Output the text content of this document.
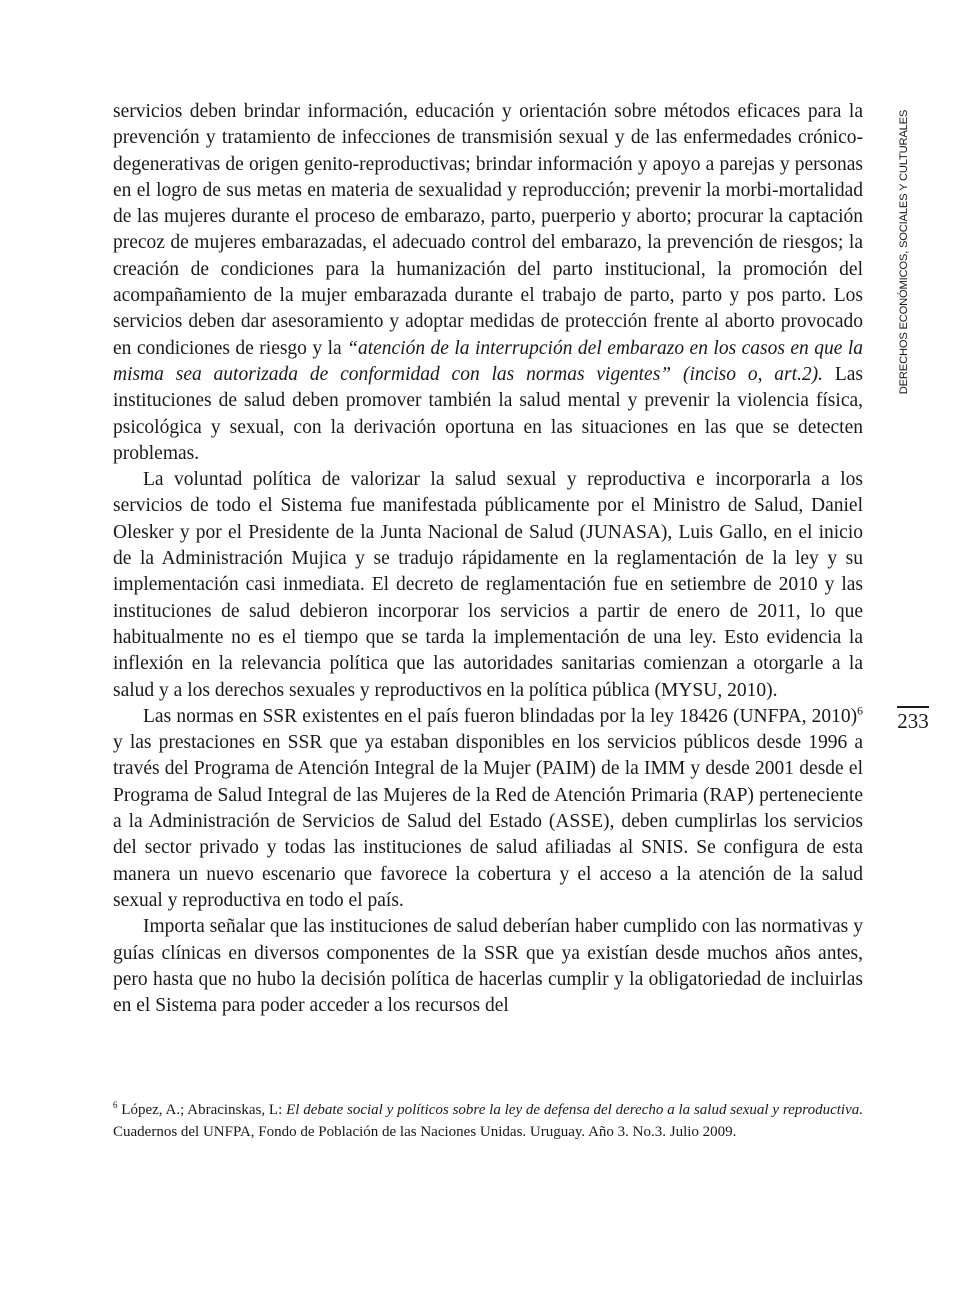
servicios deben brindar información, educación y orientación sobre métodos eficaces para la prevención y tratamiento de infecciones de transmisión sexual y de las enfermedades crónico-degenerativas de origen genito-reproductivas; brindar información y apoyo a parejas y personas en el logro de sus metas en materia de sexualidad y reproducción; prevenir la morbi-mortalidad de las mujeres durante el proceso de embarazo, parto, puerperio y aborto; procurar la captación precoz de mujeres embarazadas, el adecuado control del embarazo, la prevención de riesgos; la creación de condiciones para la humanización del parto institucional, la promoción del acompañamiento de la mujer embarazada durante el trabajo de parto, parto y pos parto. Los servicios deben dar asesoramiento y adoptar medidas de protección frente al aborto provocado en condiciones de riesgo y la “atención de la interrupción del embarazo en los casos en que la misma sea autorizada de conformidad con las normas vigentes” (inciso o, art.2). Las instituciones de salud deben promover también la salud mental y prevenir la violencia física, psicológica y sexual, con la derivación oportuna en las situaciones en las que se detecten problemas.

La voluntad política de valorizar la salud sexual y reproductiva e incorporarla a los servicios de todo el Sistema fue manifestada públicamente por el Ministro de Salud, Daniel Olesker y por el Presidente de la Junta Nacional de Salud (JUNASA), Luis Gallo, en el inicio de la Administración Mujica y se tradujo rápidamente en la reglamentación de la ley y su implementación casi inmediata. El decreto de reglamentación fue en setiembre de 2010 y las instituciones de salud debieron incorporar los servicios a partir de enero de 2011, lo que habitualmente no es el tiempo que se tarda la implementación de una ley. Esto evidencia la inflexión en la relevancia política que las autoridades sanitarias comienzan a otorgarle a la salud y a los derechos sexuales y reproductivos en la política pública (MYSU, 2010).

Las normas en SSR existentes en el país fueron blindadas por la ley 18426 (UNFPA, 2010)$^6$ y las prestaciones en SSR que ya estaban disponibles en los servicios públicos desde 1996 a través del Programa de Atención Integral de la Mujer (PAIM) de la IMM y desde 2001 desde el Programa de Salud Integral de las Mujeres de la Red de Atención Primaria (RAP) perteneciente a la Administración de Servicios de Salud del Estado (ASSE), deben cumplirlas los servicios del sector privado y todas las instituciones de salud afiliadas al SNIS. Se configura de esta manera un nuevo escenario que favorece la cobertura y el acceso a la atención de la salud sexual y reproductiva en todo el país.

Importa señalar que las instituciones de salud deberían haber cumplido con las normativas y guías clínicas en diversos componentes de la SSR que ya existían desde muchos años antes, pero hasta que no hubo la decisión política de hacerlas cumplir y la obligatoriedad de incluirlas en el Sistema para poder acceder a los recursos del

DERECHOS ECONÓMICOS, SOCIALES Y CULTURALES
233
$^6$ López, A.; Abracinskas, L: El debate social y políticos sobre la ley de defensa del derecho a la salud sexual y reproductiva. Cuadernos del UNFPA, Fondo de Población de las Naciones Unidas. Uruguay. Año 3. No.3. Julio 2009.
